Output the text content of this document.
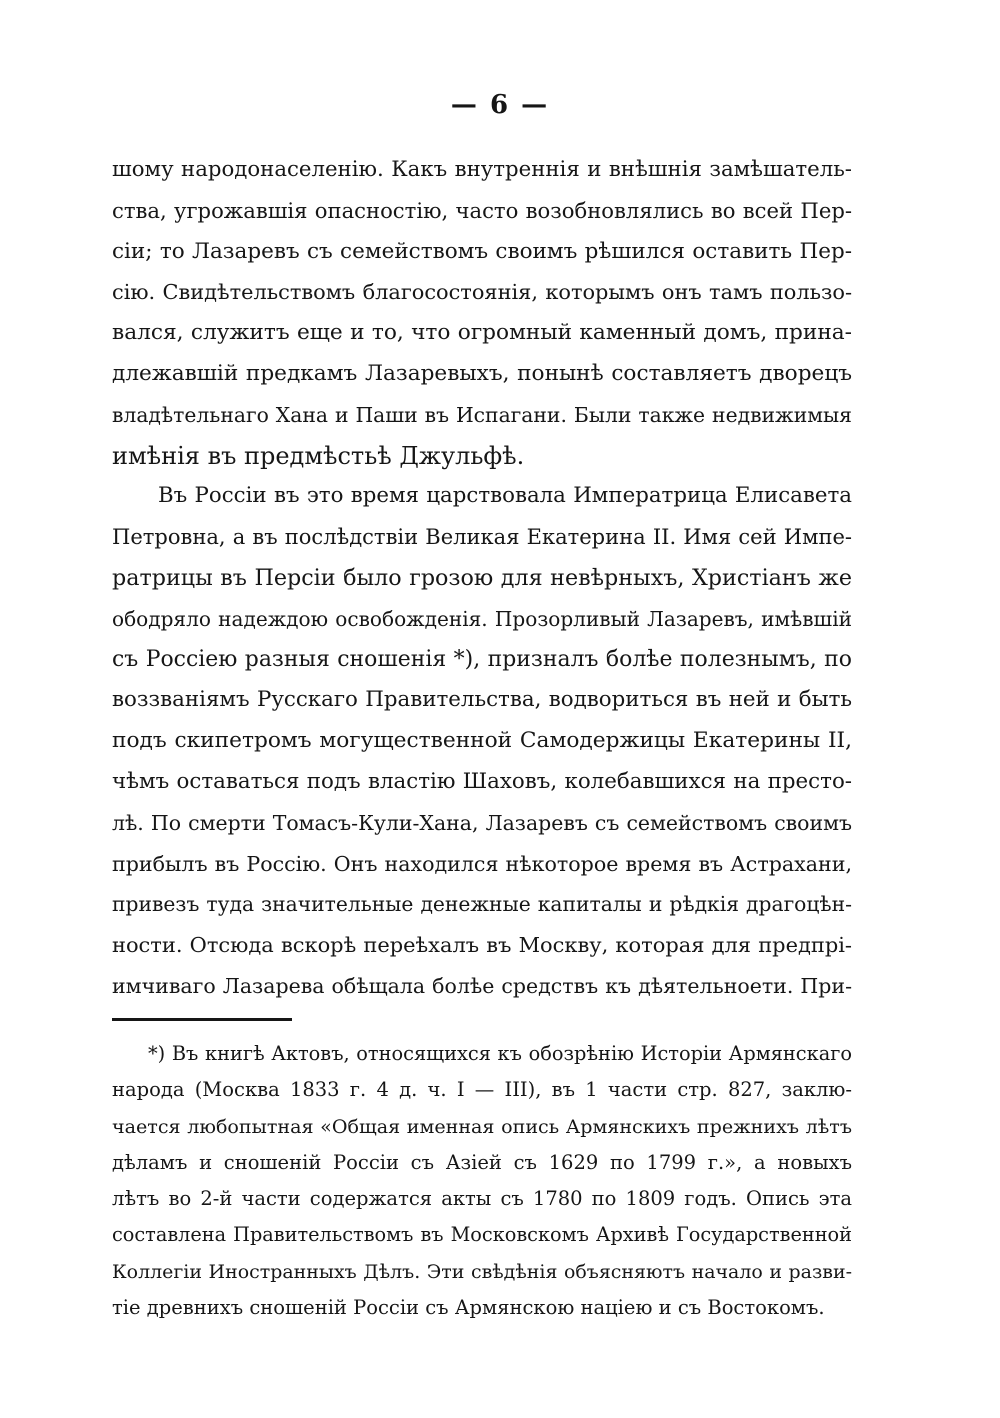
— 6 —
шому народонаселенію. Какъ внутреннія и внѣшнія замѣшатель-
ства, угрожавшія опасностію, часто возобновлялись во всей Пер-
сіи; то Лазаревъ съ семействомъ своимъ рѣшился оставить Пер-
сію. Свидѣтельствомъ благосостоянія, которымъ онъ тамъ пользо-
вался, служитъ еще и то, что огромный каменный домъ, прина-
длежавшій предкамъ Лазаревыхъ, понынѣ составляетъ дворецъ
владѣтельнаго Хана и Паши въ Испагани. Были также недвижимыя
имѣнія въ предмѣстьѣ Джульфѣ.
Въ Россіи въ это время царствовала Императрица Елисавета
Петровна, а въ послѣдствіи Великая Екатерина II. Имя сей Импе-
ратрицы въ Персіи было грозою для невѣрныхъ, Христіанъ же
ободряло надеждою освобожденія. Прозорливый Лазаревъ, имѣвшій
съ Россіею разныя сношенія *), призналъ болѣе полезнымъ, по
воззваніямъ Русскаго Правительства, водвориться въ ней и быть
подъ скипетромъ могущественной Самодержицы Екатерины II,
чѣмъ оставаться подъ властію Шаховъ, колебавшихся на престо-
лѣ. По смерти Томасъ-Кули-Хана, Лазаревъ съ семействомъ своимъ
прибылъ въ Россію. Онъ находился нѣкоторое время въ Астрахани,
привезъ туда значительные денежные капиталы и рѣдкія драгоцѣн-
ности. Отсюда вскорѣ переѣхалъ въ Москву, которая для предпрі-
имчиваго Лазарева обѣщала болѣе средствъ къ дѣятельноети. При-
*) Въ книгѣ Актовъ, относящихся къ обозрѣнію Исторіи Армянскаго
народа (Москва 1833 г. 4 д. ч. I — III), въ 1 части стр. 827, заклю-
чается любопытная «Общая именная опись Армянскихъ прежнихъ лѣтъ
дѣламъ и сношеній Россіи съ Азіей съ 1629 по 1799 г.», а новыхъ
лѣтъ во 2-й части содержатся акты съ 1780 по 1809 годъ. Опись эта
составлена Правительствомъ въ Московскомъ Архивѣ Государственной
Коллегіи Иностранныхъ Дѣлъ. Эти свѣдѣнія объясняютъ начало и разви-
тіе древнихъ сношеній Россіи съ Армянскою націею и съ Востокомъ.
